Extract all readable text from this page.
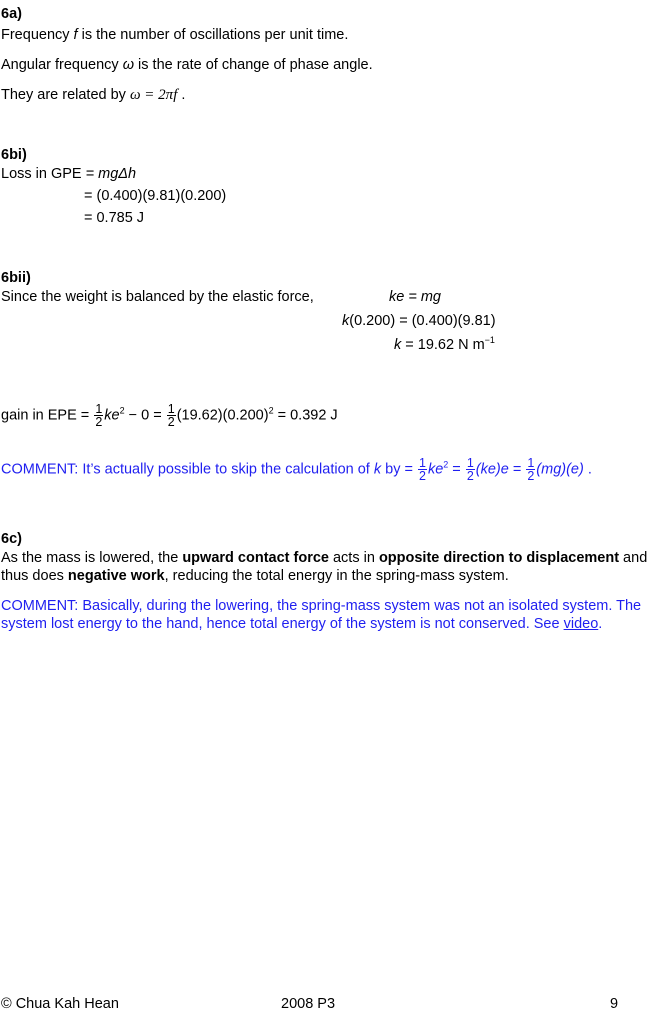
6a)
Frequency f is the number of oscillations per unit time.
Angular frequency ω is the rate of change of phase angle.
They are related by ω = 2πf .
6bi)
Loss in GPE = mgΔh
= (0.400)(9.81)(0.200)
= 0.785 J
6bii)
Since the weight is balanced by the elastic force,	ke = mg
k(0.200) = (0.400)(9.81)
k = 19.62 N $m^{-1}$
gain in EPE = $\frac{1}{2} ke^2 - 0 = \frac{1}{2} (19.62)(0.200)^2 = 0.392$ J
COMMENT: It’s actually possible to skip the calculation of k by = $\frac{1}{2} ke^2 = \frac{1}{2} (ke)e = \frac{1}{2} (mg)(e)$ .
6c)
As the mass is lowered, the upward contact force acts in opposite direction to displacement and thus does negative work, reducing the total energy in the spring-mass system.
COMMENT: Basically, during the lowering, the spring-mass system was not an isolated system. The system lost energy to the hand, hence total energy of the system is not conserved. See video.
© Chua Kah Hean	2008 P3	9
